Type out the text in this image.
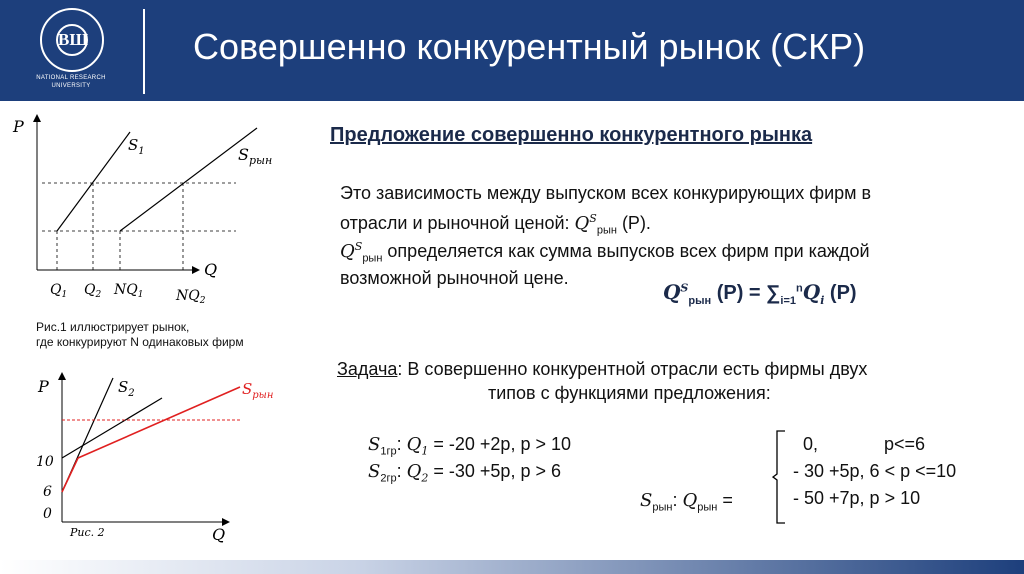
ВШ
NATIONAL RESEARCH UNIVERSITY
Совершенно конкурентный рынок (СКР)
Предложение совершенно конкурентного рынка
Это зависимость между выпуском всех конкурирующих фирм в
отрасли и рыночной ценой: $Q^S_{рын}$ (P).
$Q^S_{рын}$ определяется как сумма выпусков всех фирм при каждой
возможной рыночной цене.
$Q^S_{рын}$ $(P) = \sum_{i=1}^nQ_i$ (P)
P
Q
$S_1$	$S_{рын}$
$Q_1$ $Q_2$ $NQ_1$ $NQ_2$
Рис.1 иллюстрирует рынок,
где конкурируют N одинаковых фирм
P
Q
$S_2$	$S_{рын}$
10
6
0
Рис. 2
Задача: В совершенно конкурентной отрасли есть фирмы двух
типов с функциями предложения:
$S_{1гр}$: $Q_1 = -20 +2p$, p > 10
$S_{2гр}$: $Q_2 = -30 +5p$, p > 6
$S_{рын}$: $Q_{рын}$ =
0,	p<=6
- 30 +5p, 6 < p <=10
- 50 +7p, p > 10
